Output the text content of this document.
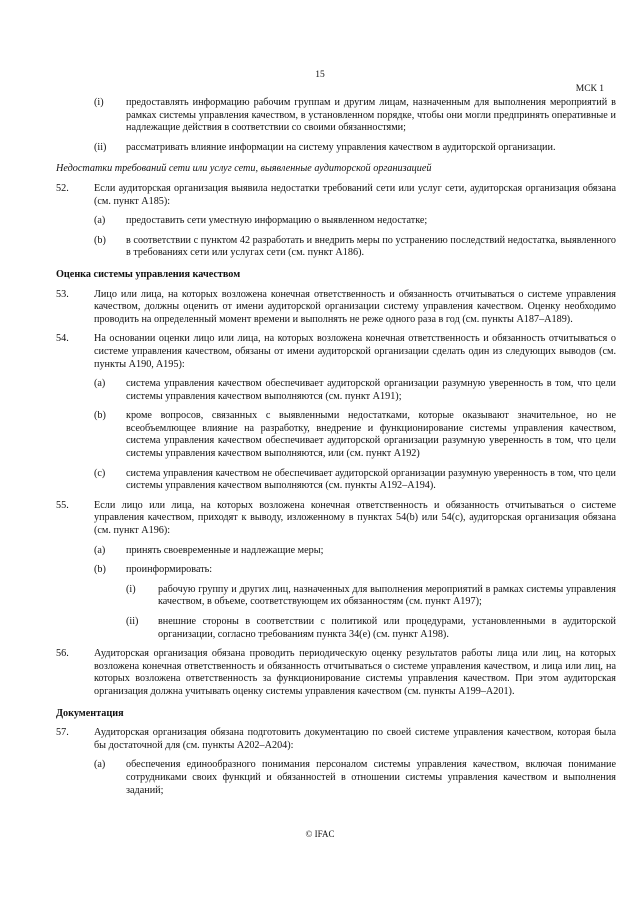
15
МСК 1
(i)	предоставлять информацию рабочим группам и другим лицам, назначенным для выполнения мероприятий в рамках системы управления качеством, в установленном порядке, чтобы они могли предпринять оперативные и надлежащие действия в соответствии со своими обязанностями;
(ii)	рассматривать влияние информации на систему управления качеством в аудиторской организации.
Недостатки требований сети или услуг сети, выявленные аудиторской организацией
52.	Если аудиторская организация выявила недостатки требований сети или услуг сети, аудиторская организация обязана (см. пункт A185):
(a)	предоставить сети уместную информацию о выявленном недостатке;
(b)	в соответствии с пунктом 42 разработать и внедрить меры по устранению последствий недостатка, выявленного в требованиях сети или услугах сети (см. пункт A186).
Оценка системы управления качеством
53.	Лицо или лица, на которых возложена конечная ответственность и обязанность отчитываться о системе управления качеством, должны оценить от имени аудиторской организации систему управления качеством. Оценку необходимо проводить на определенный момент времени и выполнять не реже одного раза в год (см. пункты A187–A189).
54.	На основании оценки лицо или лица, на которых возложена конечная ответственность и обязанность отчитываться о системе управления качеством, обязаны от имени аудиторской организации сделать один из следующих выводов (см. пункты A190, A195):
(a)	система управления качеством обеспечивает аудиторской организации разумную уверенность в том, что цели системы управления качеством выполняются (см. пункт A191);
(b)	кроме вопросов, связанных с выявленными недостатками, которые оказывают значительное, но не всеобъемлющее влияние на разработку, внедрение и функционирование системы управления качеством, система управления качеством обеспечивает аудиторской организации разумную уверенность в том, что цели системы управления качеством выполняются, или (см. пункт A192)
(c)	система управления качеством не обеспечивает аудиторской организации разумную уверенность в том, что цели системы управления качеством выполняются (см. пункты A192–A194).
55.	Если лицо или лица, на которых возложена конечная ответственность и обязанность отчитываться о системе управления качеством, приходят к выводу, изложенному в пунктах 54(b) или 54(c), аудиторская организация обязана (см. пункт A196):
(a)	принять своевременные и надлежащие меры;
(b)	проинформировать:
(i)	рабочую группу и других лиц, назначенных для выполнения мероприятий в рамках системы управления качеством, в объеме, соответствующем их обязанностям (см. пункт A197);
(ii)	внешние стороны в соответствии с политикой или процедурами, установленными в аудиторской организации, согласно требованиям пункта 34(e) (см. пункт A198).
56.	Аудиторская организация обязана проводить периодическую оценку результатов работы лица или лиц, на которых возложена конечная ответственность и обязанность отчитываться о системе управления качеством, и лица или лиц, на которых возложена ответственность за функционирование системы управления качеством. При этом аудиторская организация должна учитывать оценку системы управления качеством (см. пункты A199–A201).
Документация
57.	Аудиторская организация обязана подготовить документацию по своей системе управления качеством, которая была бы достаточной для (см. пункты A202–A204):
(a)	обеспечения единообразного понимания персоналом системы управления качеством, включая понимание сотрудниками своих функций и обязанностей в отношении системы управления качеством и выполнения заданий;
© IFAC
